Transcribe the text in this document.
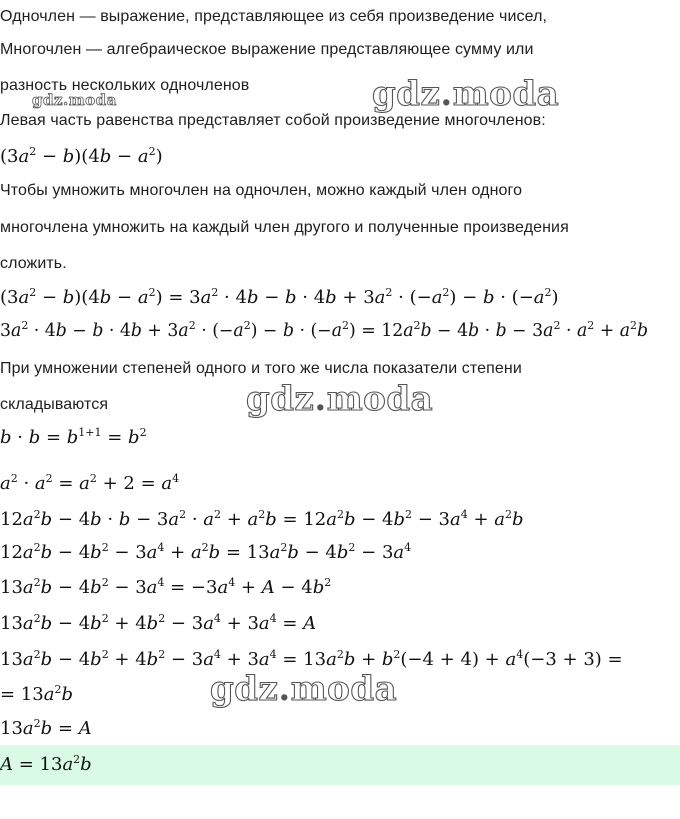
Одночлен — выражение, представляющее из себя произведение чисел,
Многочлен — алгебраическое выражение представляющее сумму или
разность нескольких одночленов
Левая часть равенства представляет собой произведение многочленов:
$(3a^2 - b)(4b - a^2)$
Чтобы умножить многочлен на одночлен, можно каждый член одного
многочлена умножить на каждый член другого и полученные произведения
сложить.
$(3a^2 - b)(4b - a^2) = 3a^2 \cdot 4b - b \cdot 4b + 3a^2 \cdot (-a^2) - b \cdot (-a^2)$
$3a^2 \cdot 4b - b \cdot 4b + 3a^2 \cdot (-a^2) - b \cdot (-a^2) = 12a^2b - 4b \cdot b - 3a^2 \cdot a^2 + a^2b$
При умножении степеней одного и того же числа показатели степени
складываются
$b \cdot b = b^{1+1} = b^2$
$a^2 \cdot a^2 = a^2 + 2 = a^4$
$12a^2b - 4b \cdot b - 3a^2 \cdot a^2 + a^2b = 12a^2b - 4b^2 - 3a^4 + a^2b$
$12a^2b - 4b^2 - 3a^4 + a^2b = 13a^2b - 4b^2 - 3a^4$
$13a^2b - 4b^2 - 3a^4 = -3a^4 + A - 4b^2$
$13a^2b - 4b^2 + 4b^2 - 3a^4 + 3a^4 = A$
$13a^2b - 4b^2 + 4b^2 - 3a^4 + 3a^4 = 13a^2b + b^2(-4 + 4) + a^4(-3 + 3)$ =
= $13a^2b$
$13a^2b = A$
$A = 13a^2b$
gdz.moda	gdz.moda
gdz.moda
gdz.moda
